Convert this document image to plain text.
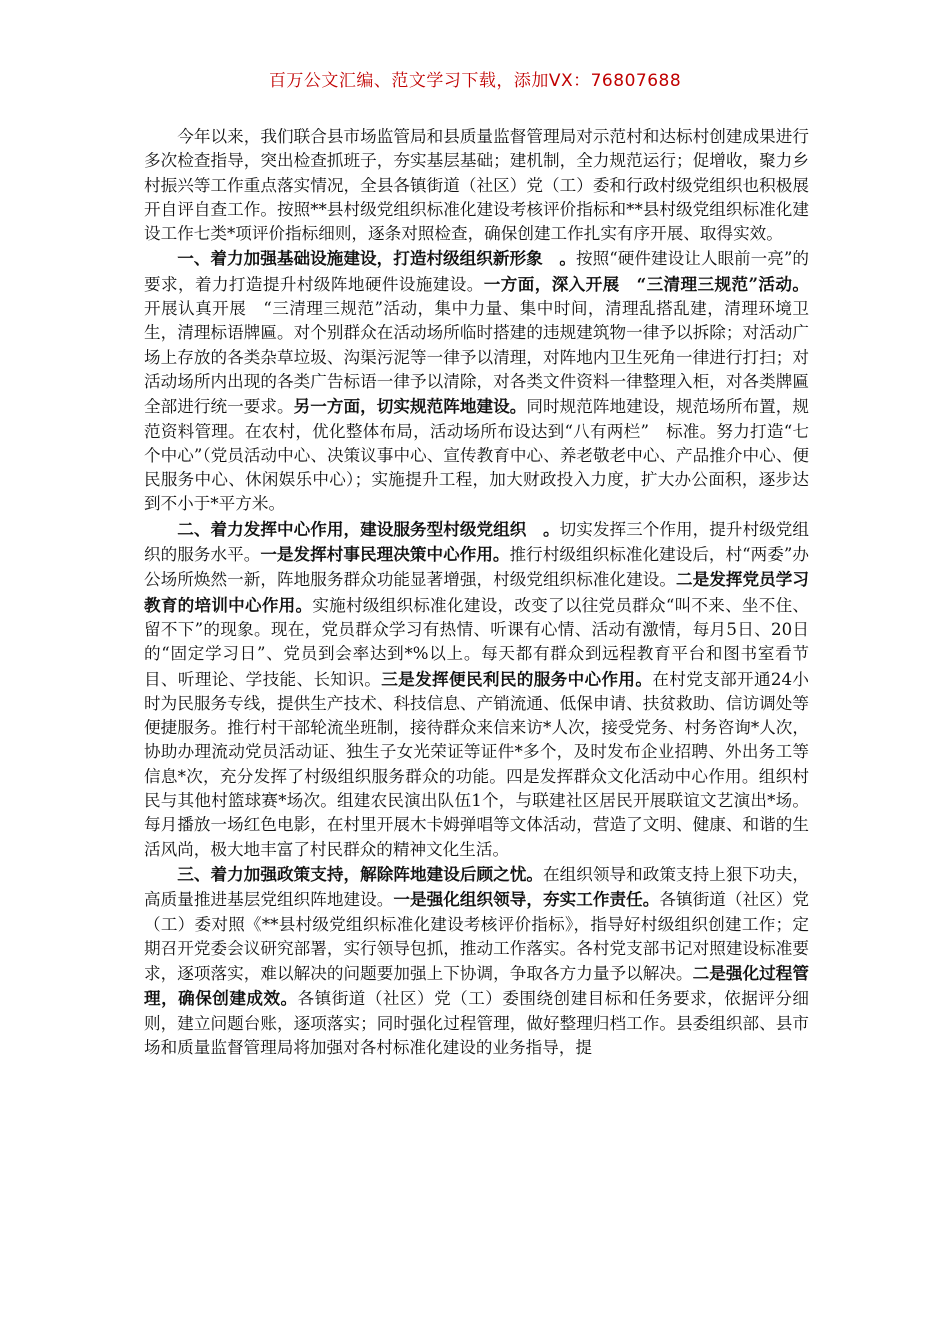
百万公文汇编、范文学习下载，添加VX：76807688

今年以来，我们联合县市场监管局和县质量监督管理局对示范村和达标村创建成果进行多次检查指导，突出检查抓班子，夯实基层基础；建机制，全力规范运行；促增收，聚力乡村振兴等工作重点落实情况，全县各镇街道（社区）党（工）委和行政村级党组织也积极展开自评自查工作。按照**县村级党组织标准化建设考核评价指标和**县村级党组织标准化建设工作七类*项评价指标细则，逐条对照检查，确保创建工作扎实有序开展、取得实效。

一、着力加强基础设施建设，打造村级组织新形象　。按照“硬件建设让人眼前一亮”的要求，着力打造提升村级阵地硬件设施建设。一方面，深入开展　“三清理三规范”活动。开展认真开展　“三清理三规范”活动，集中力量、集中时间，清理乱搭乱建，清理环境卫生，清理标语牌匾。对个别群众在活动场所临时搭建的违规建筑物一律予以拆除；对活动广场上存放的各类杂草垃圾、沟渠污泥等一律予以清理，对阵地内卫生死角一律进行打扫；对活动场所内出现的各类广告标语一律予以清除，对各类文件资料一律整理入柜，对各类牌匾全部进行统一要求。另一方面，切实规范阵地建设。同时规范阵地建设，规范场所布置，规范资料管理。在农村，优化整体布局，活动场所布设达到“八有两栏”　标准。努力打造“七个中心”（党员活动中心、决策议事中心、宣传教育中心、养老敬老中心、产品推介中心、便民服务中心、休闲娱乐中心）；实施提升工程，加大财政投入力度，扩大办公面积，逐步达到不小于*平方米。

二、着力发挥中心作用，建设服务型村级党组织　。切实发挥三个作用，提升村级党组织的服务水平。一是发挥村事民理决策中心作用。推行村级组织标准化建设后，村“两委”办公场所焕然一新，阵地服务群众功能显著增强，村级党组织标准化建设。二是发挥党员学习教育的培训中心作用。实施村级组织标准化建设，改变了以往党员群众“叫不来、坐不住、留不下”的现象。现在，党员群众学习有热情、听课有心情、活动有激情，每月5日、20日的“固定学习日”、党员到会率达到*%以上。每天都有群众到远程教育平台和图书室看节目、听理论、学技能、长知识。三是发挥便民利民的服务中心作用。在村党支部开通24小时为民服务专线，提供生产技术、科技信息、产销流通、低保申请、扶贫救助、信访调处等便捷服务。推行村干部轮流坐班制，接待群众来信来访*人次，接受党务、村务咨询*人次，协助办理流动党员活动证、独生子女光荣证等证件*多个，及时发布企业招聘、外出务工等信息*次，充分发挥了村级组织服务群众的功能。四是发挥群众文化活动中心作用。组织村民与其他村篮球赛*场次。组建农民演出队伍1个，与联建社区居民开展联谊文艺演出*场。每月播放一场红色电影，在村里开展木卡姆弹唱等文体活动，营造了文明、健康、和谐的生活风尚，极大地丰富了村民群众的精神文化生活。

三、着力加强政策支持，解除阵地建设后顾之忧。在组织领导和政策支持上狠下功夫，高质量推进基层党组织阵地建设。一是强化组织领导，夯实工作责任。各镇街道（社区）党（工）委对照《**县村级党组织标准化建设考核评价指标》，指导好村级组织创建工作；定期召开党委会议研究部署，实行领导包抓，推动工作落实。各村党支部书记对照建设标准要求，逐项落实，难以解决的问题要加强上下协调，争取各方力量予以解决。二是强化过程管理，确保创建成效。各镇街道（社区）党（工）委围绕创建目标和任务要求，依据评分细则，建立问题台账，逐项落实；同时强化过程管理，做好整理归档工作。县委组织部、县市场和质量监督管理局将加强对各村标准化建设的业务指导，提
